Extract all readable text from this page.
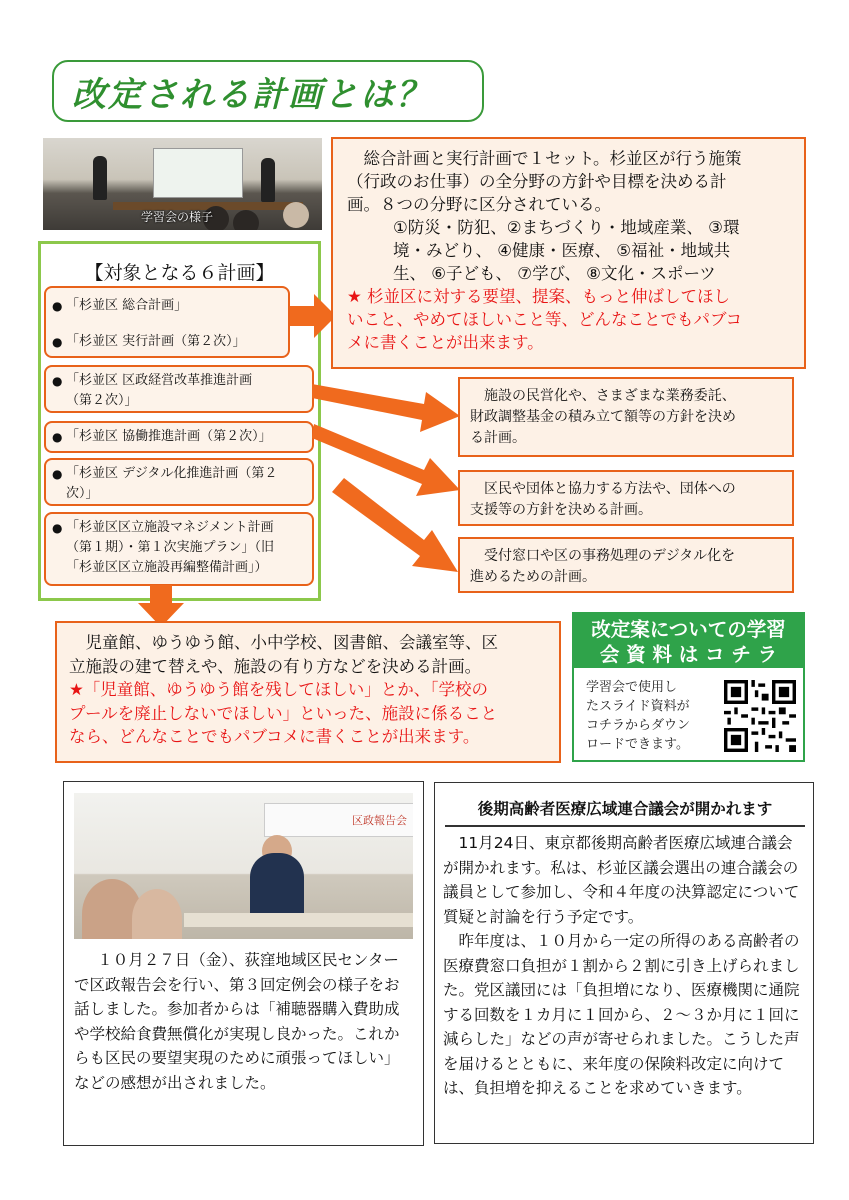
改定される計画とは？
学習会の様子
【対象となる６計画】
● 「杉並区 総合計画」
● 「杉並区 実行計画（第２次）」
● 「杉並区 区政経営改革推進計画
（第２次）」
● 「杉並区 協働推進計画（第２次）」
● 「杉並区 デジタル化推進計画（第２
次）」
● 「杉並区区立施設マネジメント計画
（第１期）・第１次実施プラン」（旧
「杉並区区立施設再編整備計画」）
　総合計画と実行計画で１セット。杉並区が行う施策
（行政のお仕事）の全分野の方針や目標を決める計
画。８つの分野に区分されている。
①防災・防犯、②まちづくり・地域産業、 ③環
境・みどり、 ④健康・医療、 ⑤福祉・地域共
生、 ⑥子ども、 ⑦学び、 ⑧文化・スポーツ
★ 杉並区に対する要望、提案、もっと伸ばしてほし
いこと、やめてほしいこと等、どんなことでもパブコ
メに書くことが出来ます。
　施設の民営化や、さまざまな業務委託、
財政調整基金の積み立て額等の方針を決め
る計画。
　区民や団体と協力する方法や、団体への
支援等の方針を決める計画。
　受付窓口や区の事務処理のデジタル化を
進めるための計画。
　児童館、ゆうゆう館、小中学校、図書館、会議室等、区
立施設の建て替えや、施設の有り方などを決める計画。
★「児童館、ゆうゆう館を残してほしい」とか、「学校の
プールを廃止しないでほしい」といった、施設に係ること
なら、どんなことでもパブコメに書くことが出来ます。
改定案についての学習
会 資 料 は コ チ ラ
学習会で使用し
たスライド資料が
コチラからダウン
ロードできます。
区政報告会
１０月２７日（金）、荻窪地域区民センターで区政報告会を行い、第３回定例会の様子をお話しました。参加者からは「補聴器購入費助成や学校給食費無償化が実現し良かった。これからも区民の要望実現のために頑張ってほしい」などの感想が出されました。
後期高齢者医療広域連合議会が開かれます

11月24日、東京都後期高齢者医療広域連合議会が開かれます。私は、杉並区議会選出の連合議会の議員として参加し、令和４年度の決算認定について質疑と討論を行う予定です。

昨年度は、１０月から一定の所得のある高齢者の医療費窓口負担が１割から２割に引き上げられました。党区議団には「負担増になり、医療機関に通院する回数を１カ月に１回から、２〜３か月に１回に減らした」などの声が寄せられました。こうした声を届けるとともに、来年度の保険料改定に向けては、負担増を抑えることを求めていきます。
